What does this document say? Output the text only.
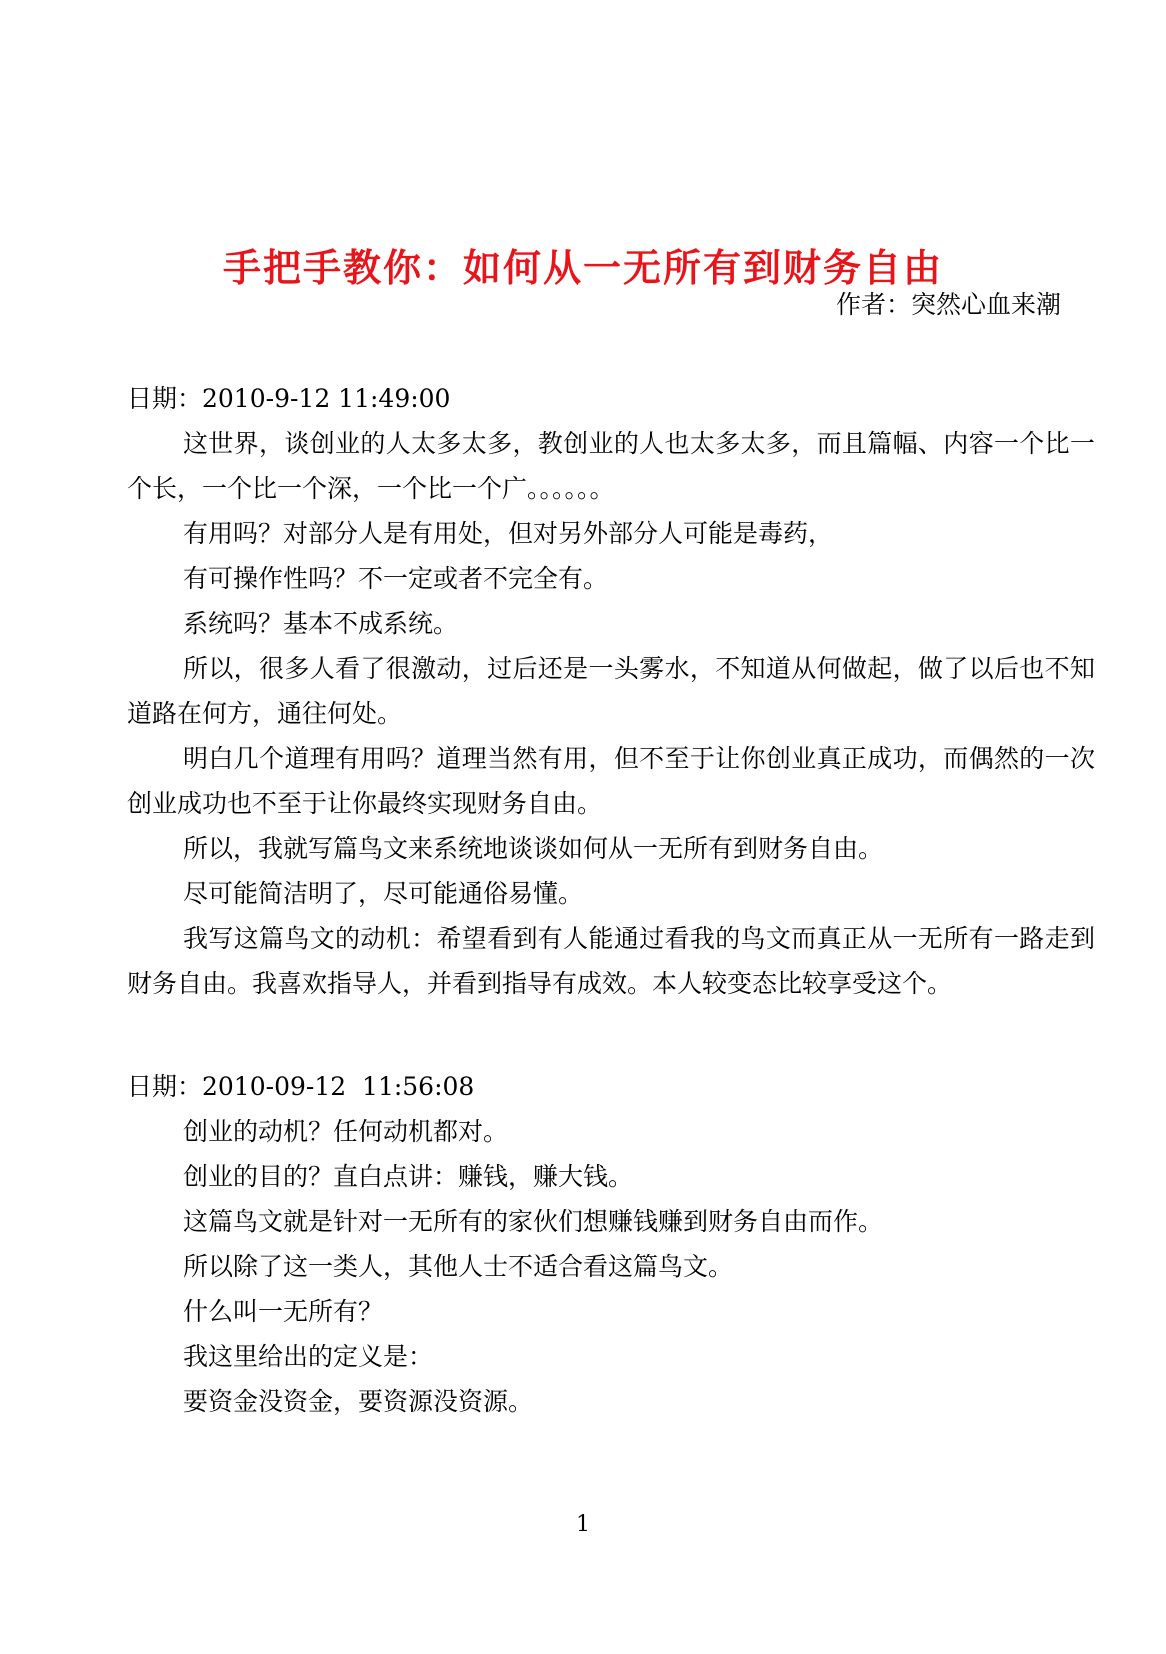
手把手教你：如何从一无所有到财务自由
作者：突然心血来潮

日期：2010-9-12 11:49:00

这世界，谈创业的人太多太多，教创业的人也太多太多，而且篇幅、内容一个比一个长，一个比一个深，一个比一个广。。。。。。

有用吗？对部分人是有用处，但对另外部分人可能是毒药，

有可操作性吗？不一定或者不完全有。

系统吗？基本不成系统。

所以，很多人看了很激动，过后还是一头雾水，不知道从何做起，做了以后也不知道路在何方，通往何处。

明白几个道理有用吗？道理当然有用，但不至于让你创业真正成功，而偶然的一次创业成功也不至于让你最终实现财务自由。

所以，我就写篇鸟文来系统地谈谈如何从一无所有到财务自由。

尽可能简洁明了，尽可能通俗易懂。

我写这篇鸟文的动机：希望看到有人能通过看我的鸟文而真正从一无所有一路走到财务自由。我喜欢指导人，并看到指导有成效。本人较变态比较享受这个。

日期：2010-09-12  11:56:08

创业的动机？任何动机都对。

创业的目的？直白点讲：赚钱，赚大钱。

这篇鸟文就是针对一无所有的家伙们想赚钱赚到财务自由而作。

所以除了这一类人，其他人士不适合看这篇鸟文。

什么叫一无所有？

我这里给出的定义是：

要资金没资金，要资源没资源。

1
